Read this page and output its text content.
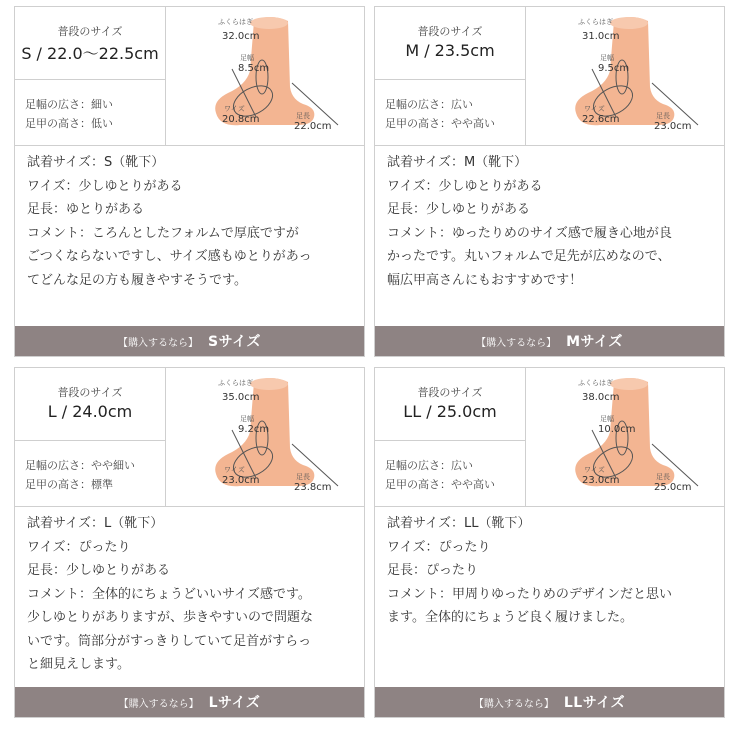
普段のサイズ
S / 22.0〜22.5cm
足幅の広さ：細い
足甲の高さ：低い
ふくらはぎ
32.0cm
足幅
8.5cm
ワイズ
20.8cm	足長
22.0cm
試着サイズ：S（靴下）
ワイズ：少しゆとりがある
足長：ゆとりがある
コメント：ころんとしたフォルムで厚底ですが
ごつくならないですし、サイズ感もゆとりがあっ
てどんな足の方も履きやすそうです。
【購入するなら】 Sサイズ
普段のサイズ
M / 23.5cm
足幅の広さ：広い
足甲の高さ：やや高い
ふくらはぎ
31.0cm
足幅
9.5cm
ワイズ
22.6cm	足長
23.0cm
試着サイズ：M（靴下）
ワイズ：少しゆとりがある
足長：少しゆとりがある
コメント：ゆったりめのサイズ感で履き心地が良
かったです。丸いフォルムで足先が広めなので、
幅広甲高さんにもおすすめです！
【購入するなら】 Mサイズ
普段のサイズ
L / 24.0cm
足幅の広さ：やや細い
足甲の高さ：標準
ふくらはぎ
35.0cm
足幅
9.2cm
ワイズ
23.0cm	足長
23.8cm
試着サイズ：L（靴下）
ワイズ：ぴったり
足長：少しゆとりがある
コメント：全体的にちょうどいいサイズ感です。
少しゆとりがありますが、歩きやすいので問題な
いです。筒部分がすっきりしていて足首がすらっ
と細見えします。
【購入するなら】 Lサイズ
普段のサイズ
LL / 25.0cm
足幅の広さ：広い
足甲の高さ：やや高い
ふくらはぎ
38.0cm
足幅
10.0cm
ワイズ
23.0cm	足長
25.0cm
試着サイズ：LL（靴下）
ワイズ：ぴったり
足長：ぴったり
コメント：甲周りゆったりめのデザインだと思い
ます。全体的にちょうど良く履けました。
【購入するなら】 LLサイズ
